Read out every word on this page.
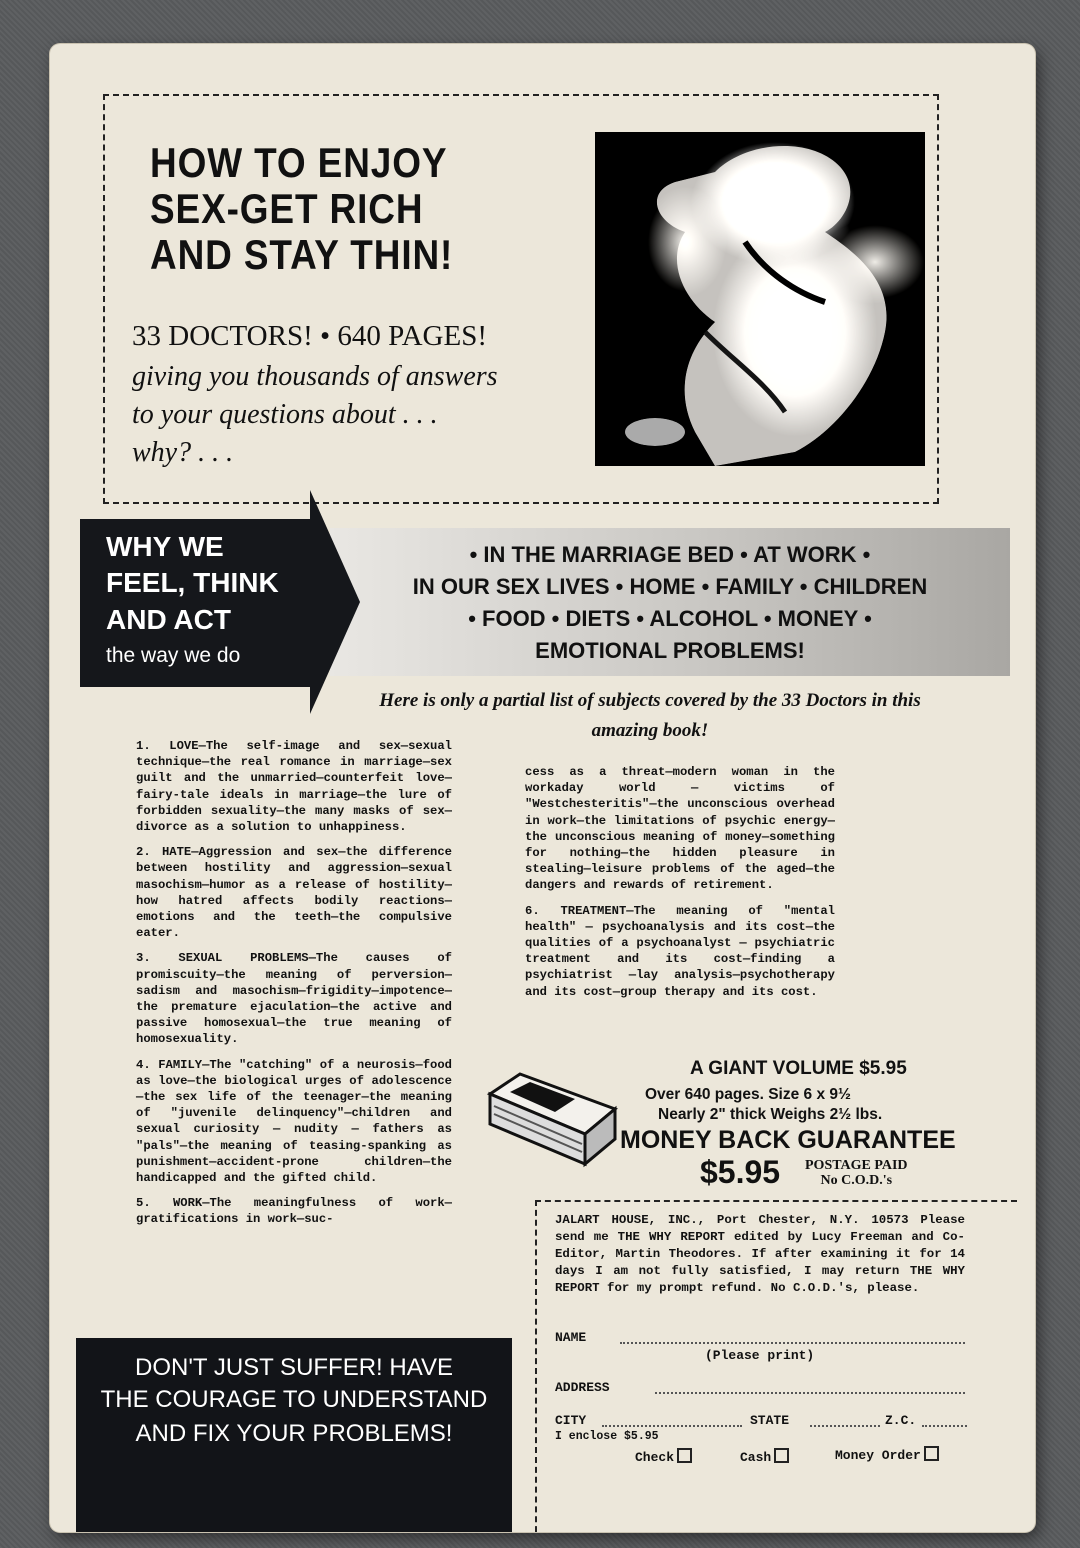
HOW TO ENJOY
SEX-GET RICH
AND STAY THIN!
33 DOCTORS! • 640 PAGES!
giving you thousands of answers
to your questions about . . .
why? . . .
• IN THE MARRIAGE BED • AT WORK •
IN OUR SEX LIVES • HOME • FAMILY • CHILDREN
• FOOD • DIETS • ALCOHOL • MONEY •
EMOTIONAL PROBLEMS!
WHY WE
FEEL, THINK
AND ACT
the way we do
Here is only a partial list of subjects covered by the 33 Doctors in this amazing book!

1. LOVE—The self-image and sex—sexual technique—the real romance in marriage—sex guilt and the unmarried—counterfeit love—fairy-tale ideals in marriage—the lure of forbidden sexuality—the many masks of sex—divorce as a solution to unhappiness.

2. HATE—Aggression and sex—the difference between hostility and aggression—sexual masochism—humor as a release of hostility—how hatred affects bodily reactions—emotions and the teeth—the compulsive eater.

3. SEXUAL PROBLEMS—The causes of promiscuity—the meaning of perversion—sadism and masochism—frigidity—impotence—the premature ejaculation—the active and passive homosexual—the true meaning of homosexuality.

4. FAMILY—The "catching" of a neurosis—food as love—the biological urges of adolescence—the sex life of the teenager—the meaning of "juvenile delinquency"—children and sexual curiosity — nudity — fathers as "pals"—the meaning of teasing-spanking as punishment—accident-prone children—the handicapped and the gifted child.

5. WORK—The meaningfulness of work—gratifications in work—suc-

cess as a threat—modern woman in the workaday world — victims of "Westchesteritis"—the unconscious overhead in work—the limitations of psychic energy—the unconscious meaning of money—something for nothing—the hidden pleasure in stealing—leisure problems of the aged—the dangers and rewards of retirement.

6. TREATMENT—The meaning of "mental health" — psychoanalysis and its cost—the qualities of a psychoanalyst — psychiatric treatment and its cost—finding a psychiatrist —lay analysis—psychotherapy and its cost—group therapy and its cost.

A GIANT VOLUME $5.95
Over 640 pages. Size 6 x 9½
Nearly 2" thick Weighs 2½ lbs.
MONEY BACK GUARANTEE
$5.95 POSTAGE PAID
No C.O.D.'s
JALART HOUSE, INC., Port Chester, N.Y. 10573 Please send me THE WHY REPORT edited by Lucy Freeman and Co-Editor, Martin Theodores. If after examining it for 14 days I am not fully satisfied, I may return THE WHY REPORT for my prompt refund. No C.O.D.'s, please.
NAME
(Please print)
ADDRESS
CITY	STATE	Z.C.
I enclose $5.95
Check	Cash	Money Order
DON'T JUST SUFFER! HAVE
THE COURAGE TO UNDERSTAND
AND FIX YOUR PROBLEMS!
